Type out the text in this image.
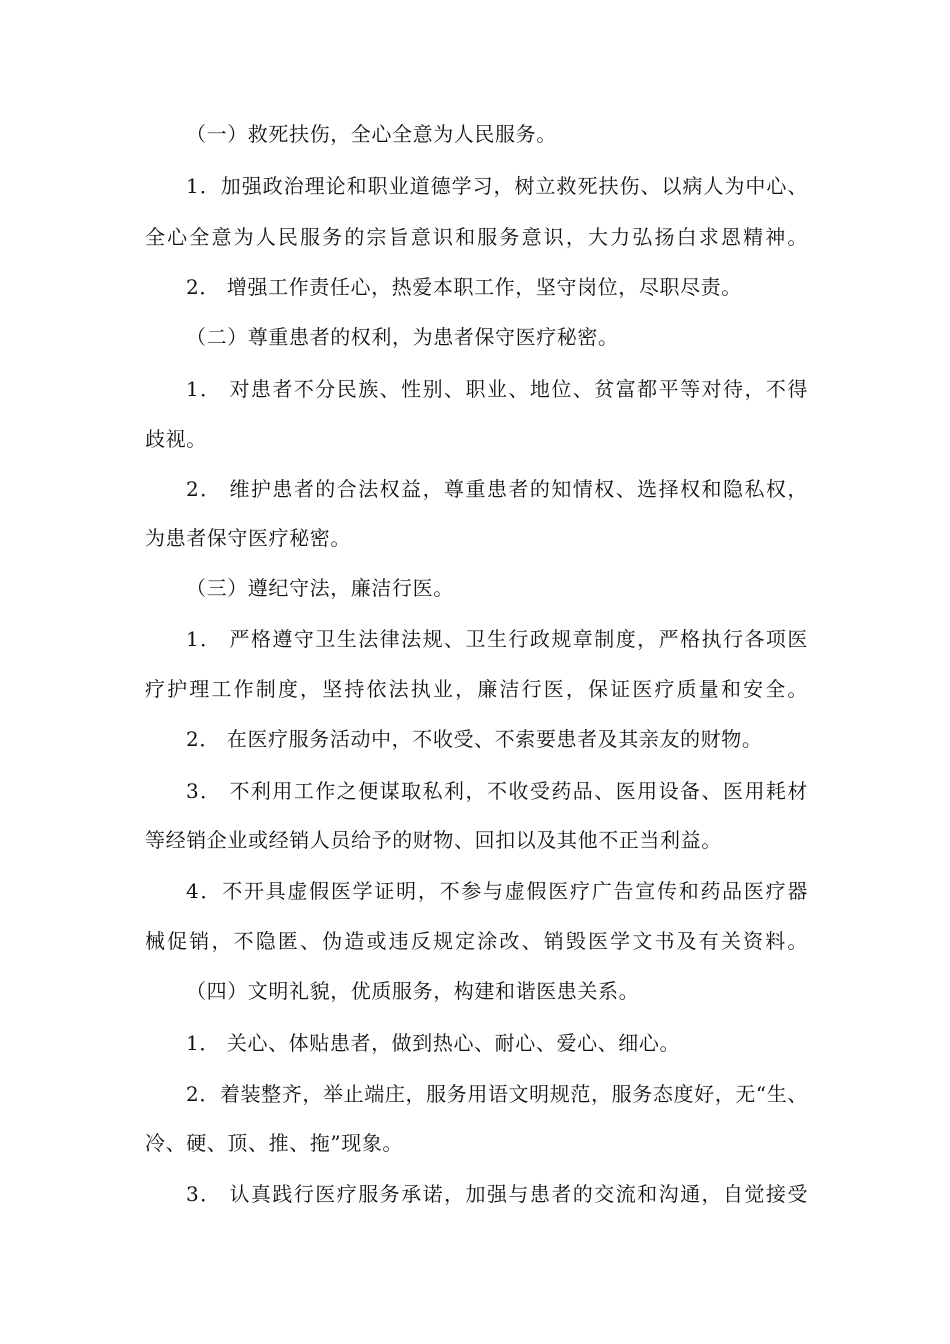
（一）救死扶伤，全心全意为人民服务。
1．加强政治理论和职业道德学习，树立救死扶伤、以病人为中心、
全心全意为人民服务的宗旨意识和服务意识，大力弘扬白求恩精神。
2． 增强工作责任心，热爱本职工作，坚守岗位，尽职尽责。
（二）尊重患者的权利，为患者保守医疗秘密。
1． 对患者不分民族、性别、职业、地位、贫富都平等对待，不得
歧视。
2． 维护患者的合法权益，尊重患者的知情权、选择权和隐私权，
为患者保守医疗秘密。
（三）遵纪守法，廉洁行医。
1． 严格遵守卫生法律法规、卫生行政规章制度，严格执行各项医
疗护理工作制度，坚持依法执业，廉洁行医，保证医疗质量和安全。
2． 在医疗服务活动中，不收受、不索要患者及其亲友的财物。
3． 不利用工作之便谋取私利，不收受药品、医用设备、医用耗材
等经销企业或经销人员给予的财物、回扣以及其他不正当利益。
4．不开具虚假医学证明，不参与虚假医疗广告宣传和药品医疗器
械促销，不隐匿、伪造或违反规定涂改、销毁医学文书及有关资料。
（四）文明礼貌，优质服务，构建和谐医患关系。
1． 关心、体贴患者，做到热心、耐心、爱心、细心。
2．着装整齐，举止端庄，服务用语文明规范，服务态度好，无“生、
冷、硬、顶、推、拖”现象。
3． 认真践行医疗服务承诺，加强与患者的交流和沟通，自觉接受
